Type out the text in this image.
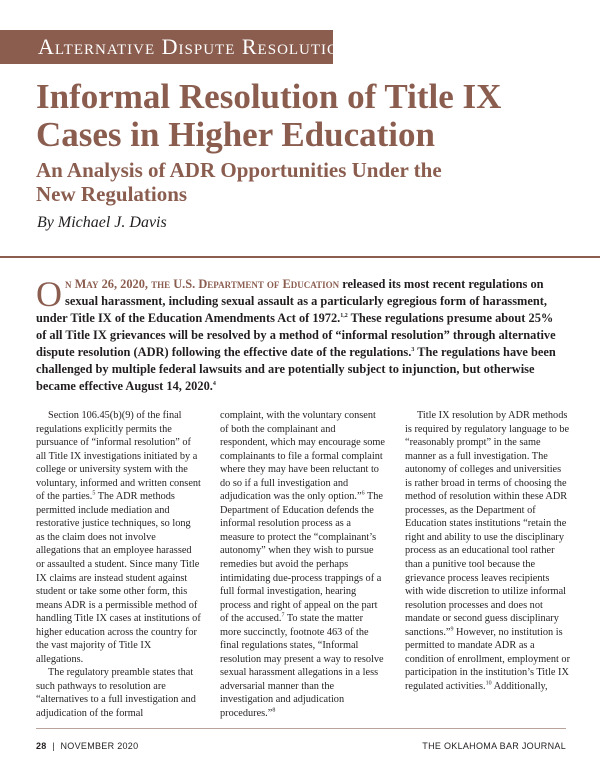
Alternative Dispute Resolution
Informal Resolution of Title IX Cases in Higher Education
An Analysis of ADR Opportunities Under the New Regulations

By Michael J. Davis

On May 26, 2020, the U.S. Department of Education released its most recent regulations on sexual harassment, including sexual assault as a particularly egregious form of harassment, under Title IX of the Education Amendments Act of 1972.$^{1,2}$ These regulations presume about 25% of all Title IX grievances will be resolved by a method of “informal resolution” through alternative dispute resolution (ADR) following the effective date of the regulations.$^3$ The regulations have been challenged by multiple federal lawsuits and are potentially subject to injunction, but otherwise became effective August 14, 2020.$^4$

Section 106.45(b)(9) of the final regulations explicitly permits the pursuance of “informal resolution” of all Title IX investigations initiated by a college or university system with the voluntary, informed and written consent of the parties.$^5$ The ADR methods permitted include mediation and restorative justice techniques, so long as the claim does not involve allegations that an employee harassed or assaulted a student. Since many Title IX claims are instead student against student or take some other form, this means ADR is a permissible method of handling Title IX cases at institutions of higher education across the country for the vast majority of Title IX allegations.

The regulatory preamble states that such pathways to resolution are “alternatives to a full investigation and adjudication of the formal

complaint, with the voluntary consent of both the complainant and respondent, which may encourage some complainants to file a formal complaint where they may have been reluctant to do so if a full investigation and adjudication was the only option.”$^6$ The Department of Education defends the informal resolution process as a measure to protect the “complainant’s autonomy” when they wish to pursue remedies but avoid the perhaps intimidating due-process trappings of a full formal investigation, hearing process and right of appeal on the part of the accused.$^7$ To state the matter more succinctly, footnote 463 of the final regulations states, “Informal resolution may present a way to resolve sexual harassment allegations in a less adversarial manner than the investigation and adjudication procedures.”$^8$

Title IX resolution by ADR methods is required by regulatory language to be “reasonably prompt” in the same manner as a full investigation. The autonomy of colleges and universities is rather broad in terms of choosing the method of resolution within these ADR processes, as the Department of Education states institutions “retain the right and ability to use the disciplinary process as an educational tool rather than a punitive tool because the grievance process leaves recipients with wide discretion to utilize informal resolution processes and does not mandate or second guess disciplinary sanctions.”$^9$ However, no institution is permitted to mandate ADR as a condition of enrollment, employment or participation in the institution’s Title IX regulated activities.$^{10}$ Additionally,

28 | NOVEMBER 2020	THE OKLAHOMA BAR JOURNAL
